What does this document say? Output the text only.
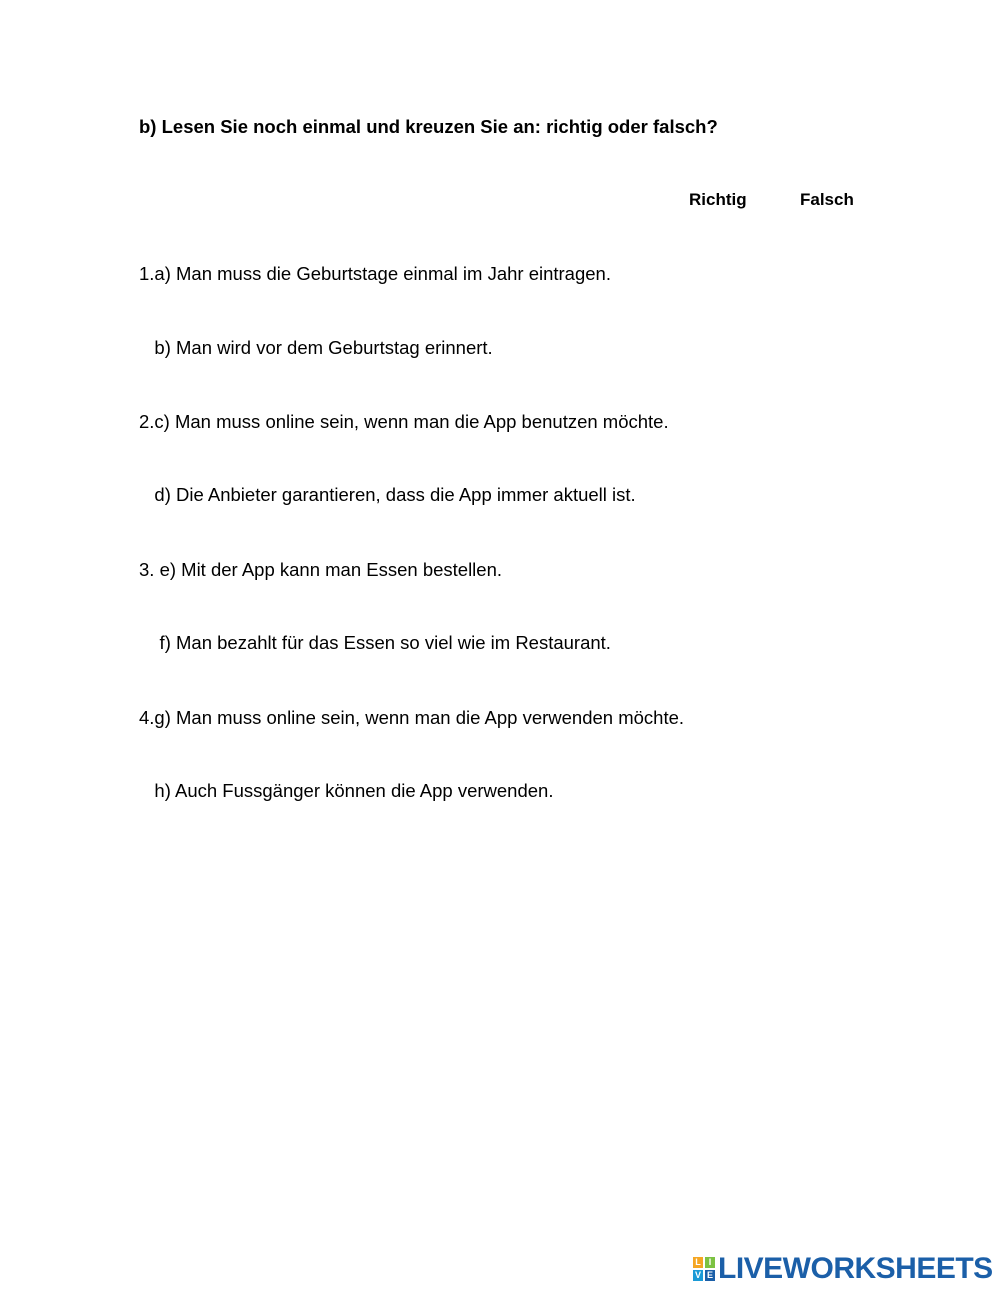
b) Lesen Sie noch einmal und kreuzen Sie an: richtig oder falsch?
Richtig	Falsch
1.a) Man muss die Geburtstage einmal im Jahr eintragen.
b) Man wird vor dem Geburtstag erinnert.
2.c) Man muss online sein, wenn man die App benutzen möchte.
d) Die Anbieter garantieren, dass die App immer aktuell ist.
3. e) Mit der App kann man Essen bestellen.
f) Man bezahlt für das Essen so viel wie im Restaurant.
4.g) Man muss online sein, wenn man die App verwenden möchte.
h) Auch Fussgänger können die App verwenden.
L I
V E LIVEWORKSHEETS
